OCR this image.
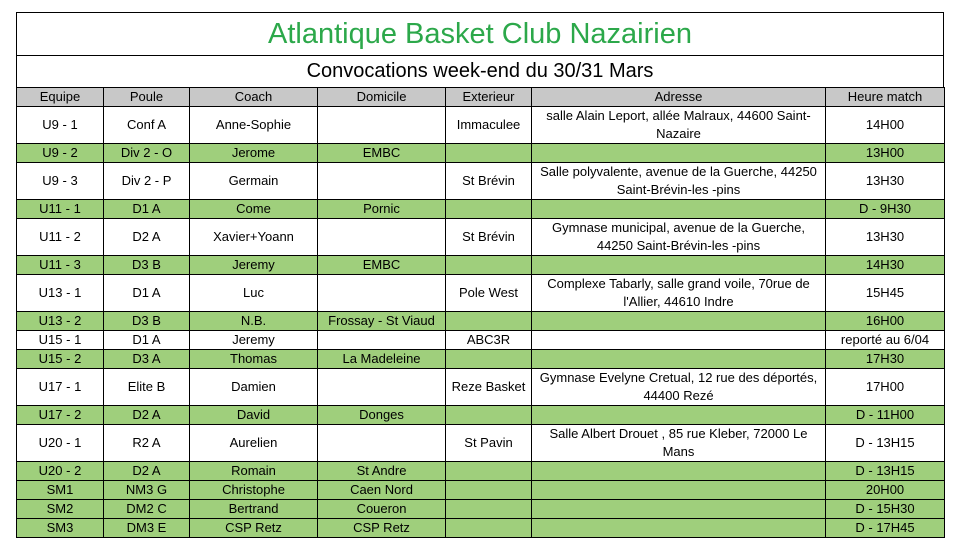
Atlantique Basket Club Nazairien
Convocations week-end du 30/31 Mars
Equipe	Poule	Coach	Domicile	Exterieur	Adresse	Heure match
U9 - 1	Conf A	Anne-Sophie		Immaculee	salle Alain Leport, allée Malraux, 44600 Saint-Nazaire	14H00
U9 - 2	Div 2 - O	Jerome	EMBC			13H00
U9 - 3	Div 2 - P	Germain		St Brévin	Salle polyvalente, avenue de la Guerche, 44250 Saint-Brévin-les -pins	13H30
U11 - 1	D1 A	Come	Pornic			D - 9H30
U11 - 2	D2 A	Xavier+Yoann		St Brévin	Gymnase municipal, avenue de la Guerche, 44250 Saint-Brévin-les -pins	13H30
U11 - 3	D3 B	Jeremy	EMBC			14H30
U13 - 1	D1 A	Luc		Pole West	Complexe Tabarly, salle grand voile, 70rue de l'Allier, 44610 Indre	15H45
U13 - 2	D3 B	N.B.	Frossay - St Viaud			16H00
U15 - 1	D1 A	Jeremy		ABC3R		reporté au 6/04
U15 - 2	D3 A	Thomas	La Madeleine			17H30
U17 - 1	Elite B	Damien		Reze Basket	Gymnase Evelyne Cretual, 12 rue des déportés, 44400 Rezé	17H00
U17 - 2	D2 A	David	Donges			D - 11H00
U20 - 1	R2 A	Aurelien		St Pavin	Salle Albert Drouet , 85 rue Kleber, 72000 Le Mans	D - 13H15
U20 - 2	D2 A	Romain	St Andre			D - 13H15
SM1	NM3 G	Christophe	Caen Nord			20H00
SM2	DM2 C	Bertrand	Coueron			D - 15H30
SM3	DM3 E	CSP Retz	CSP Retz			D - 17H45
